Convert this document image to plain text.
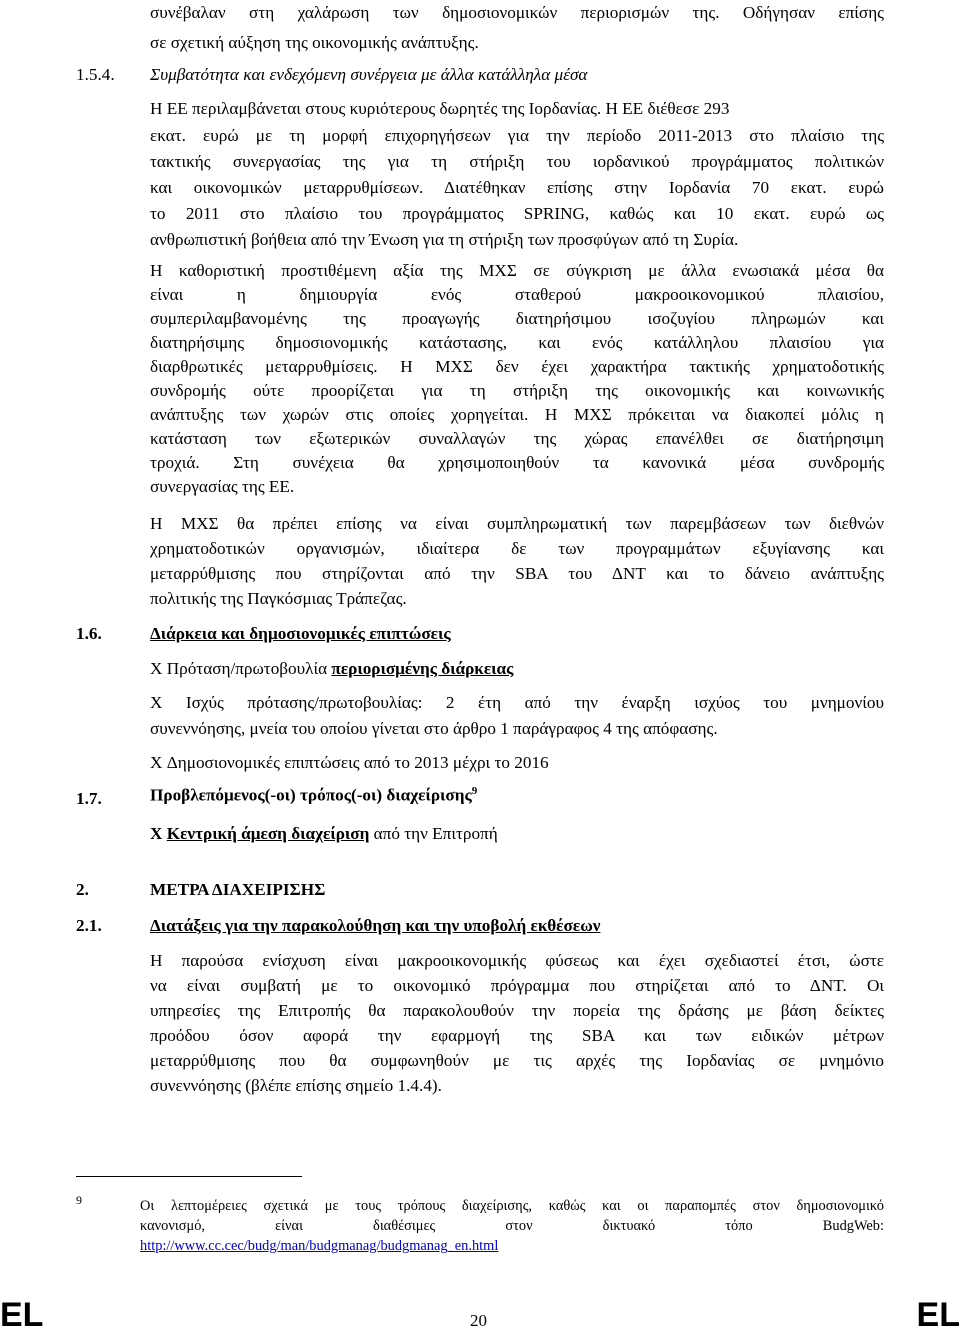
συνέβαλαν στη χαλάρωση των δημοσιονομικών περιορισμών της. Οδήγησαν επίσης
σε σχετική αύξηση της οικονομικής ανάπτυξης.
1.5.4. Συμβατότητα και ενδεχόμενη συνέργεια με άλλα κατάλληλα μέσα
Η ΕΕ περιλαμβάνεται στους κυριότερους δωρητές της Ιορδανίας. Η ΕΕ διέθεσε 293
εκατ. ευρώ με τη μορφή επιχορηγήσεων για την περίοδο 2011-2013 στο πλαίσιο της
τακτικής συνεργασίας της για τη στήριξη του ιορδανικού προγράμματος πολιτικών
και οικονομικών μεταρρυθμίσεων. Διατέθηκαν επίσης στην Ιορδανία 70 εκατ. ευρώ
το 2011 στο πλαίσιο του προγράμματος SPRING, καθώς και 10 εκατ. ευρώ ως
ανθρωπιστική βοήθεια από την Ένωση για τη στήριξη των προσφύγων από τη Συρία.
Η καθοριστική προστιθέμενη αξία της ΜΧΣ σε σύγκριση με άλλα ενωσιακά μέσα θα
είναι η δημιουργία ενός σταθερού μακροοικονομικού πλαισίου,
συμπεριλαμβανομένης της προαγωγής διατηρήσιμου ισοζυγίου πληρωμών και
διατηρήσιμης δημοσιονομικής κατάστασης, και ενός κατάλληλου πλαισίου για
διαρθρωτικές μεταρρυθμίσεις. Η ΜΧΣ δεν έχει χαρακτήρα τακτικής χρηματοδοτικής
συνδρομής ούτε προορίζεται για τη στήριξη της οικονομικής και κοινωνικής
ανάπτυξης των χωρών στις οποίες χορηγείται. Η ΜΧΣ πρόκειται να διακοπεί μόλις η
κατάσταση των εξωτερικών συναλλαγών της χώρας επανέλθει σε διατήρησιμη
τροχιά. Στη συνέχεια θα χρησιμοποιηθούν τα κανονικά μέσα συνδρομής
συνεργασίας της ΕΕ.
Η ΜΧΣ θα πρέπει επίσης να είναι συμπληρωματική των παρεμβάσεων των διεθνών
χρηματοδοτικών οργανισμών, ιδιαίτερα δε των προγραμμάτων εξυγίανσης και
μεταρρύθμισης που στηρίζονται από την SBA του ΔΝΤ και το δάνειο ανάπτυξης
πολιτικής της Παγκόσμιας Τράπεζας.
1.6.	Διάρκεια και δημοσιονομικές επιπτώσεις
X Πρόταση/πρωτοβουλία περιορισμένης διάρκειας
X Ισχύς πρότασης/πρωτοβουλίας: 2 έτη από την έναρξη ισχύος του μνημονίου
συνεννόησης, μνεία του οποίου γίνεται στο άρθρο 1 παράγραφος 4 της απόφασης.
X Δημοσιονομικές επιπτώσεις από το 2013 μέχρι το 2016
1.7.	Προβλεπόμενος(-οι) τρόπος(-οι) διαχείρισης$^9$
X Κεντρική άμεση διαχείριση από την Επιτροπή
2.	ΜΕΤΡΑ ΔΙΑΧΕΙΡΙΣΗΣ
2.1.	Διατάξεις για την παρακολούθηση και την υποβολή εκθέσεων
Η παρούσα ενίσχυση είναι μακροοικονομικής φύσεως και έχει σχεδιαστεί έτσι, ώστε
να είναι συμβατή με το οικονομικό πρόγραμμα που στηρίζεται από το ΔΝΤ. Οι
υπηρεσίες της Επιτροπής θα παρακολουθούν την πορεία της δράσης με βάση δείκτες
προόδου όσον αφορά την εφαρμογή της SBA και των ειδικών μέτρων
μεταρρύθμισης που θα συμφωνηθούν με τις αρχές της Ιορδανίας σε μνημόνιο
συνεννόησης (βλέπε επίσης σημείο 1.4.4).
9	Οι λεπτομέρειες σχετικά με τους τρόπους διαχείρισης, καθώς και οι παραπομπές στον δημοσιονομικό
κανονισμό, είναι διαθέσιμες στον δικτυακό τόπο BudgWeb:
http://www.cc.cec/budg/man/budgmanag/budgmanag_en.html
EL	20	EL
